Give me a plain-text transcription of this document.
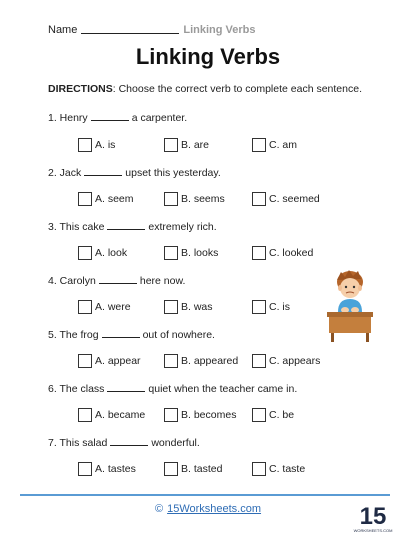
Name	Linking Verbs
Linking Verbs
DIRECTIONS: Choose the correct verb to complete each sentence.
1. Henry	a carpenter.
A. is	B. are	C. am
2. Jack	upset this yesterday.
A. seem	B. seems	C. seemed
3. This cake	extremely rich.
A. look	B. looks	C. looked
4. Carolyn	here now.
A. were	B. was	C. is
5. The frog	out of nowhere.
A. appear	B. appeared	C. appears
6. The class	quiet when the teacher came in.
A. became	B. becomes	C. be
7. This salad	wonderful.
A. tastes	B. tasted	C. taste
© 15Worksheets.com	15
WORKSHEETS.COM
